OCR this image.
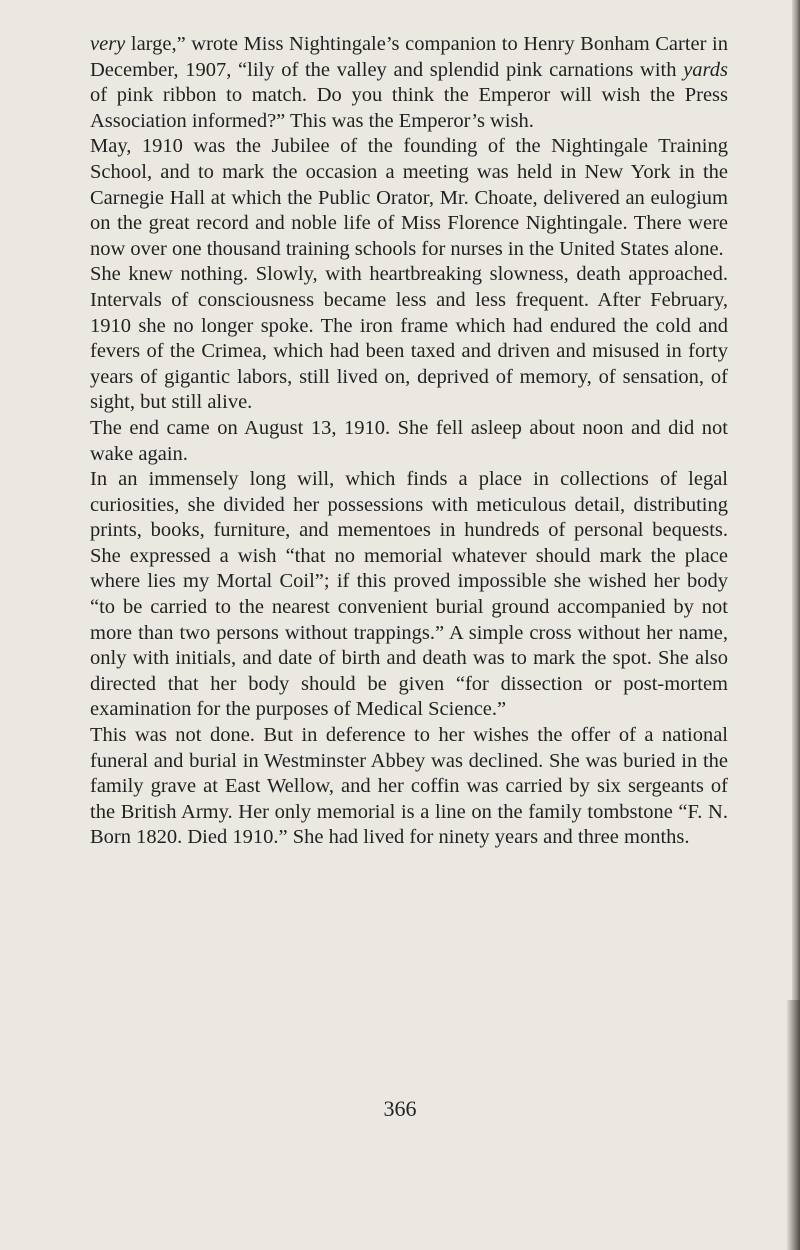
very large,” wrote Miss Nightingale’s companion to Henry Bonham Carter in December, 1907, “lily of the valley and splendid pink carnations with yards of pink ribbon to match. Do you think the Emperor will wish the Press Association informed?” This was the Emperor’s wish.

May, 1910 was the Jubilee of the founding of the Nightingale Training School, and to mark the occasion a meeting was held in New York in the Carnegie Hall at which the Public Orator, Mr. Choate, delivered an eulogium on the great record and noble life of Miss Florence Nightingale. There were now over one thousand training schools for nurses in the United States alone.

She knew nothing. Slowly, with heartbreaking slowness, death approached. Intervals of consciousness became less and less frequent. After February, 1910 she no longer spoke. The iron frame which had endured the cold and fevers of the Crimea, which had been taxed and driven and misused in forty years of gigantic labors, still lived on, deprived of memory, of sensation, of sight, but still alive.

The end came on August 13, 1910. She fell asleep about noon and did not wake again.

In an immensely long will, which finds a place in collections of legal curiosities, she divided her possessions with meticulous detail, distributing prints, books, furniture, and mementoes in hundreds of personal bequests. She expressed a wish “that no memorial whatever should mark the place where lies my Mortal Coil”; if this proved impossible she wished her body “to be carried to the nearest convenient burial ground accompanied by not more than two persons without trappings.” A simple cross without her name, only with initials, and date of birth and death was to mark the spot. She also directed that her body should be given “for dissection or post-mortem examination for the purposes of Medical Science.”

This was not done. But in deference to her wishes the offer of a national funeral and burial in Westminster Abbey was declined. She was buried in the family grave at East Wellow, and her coffin was carried by six sergeants of the British Army. Her only memorial is a line on the family tombstone “F. N. Born 1820. Died 1910.” She had lived for ninety years and three months.

366
